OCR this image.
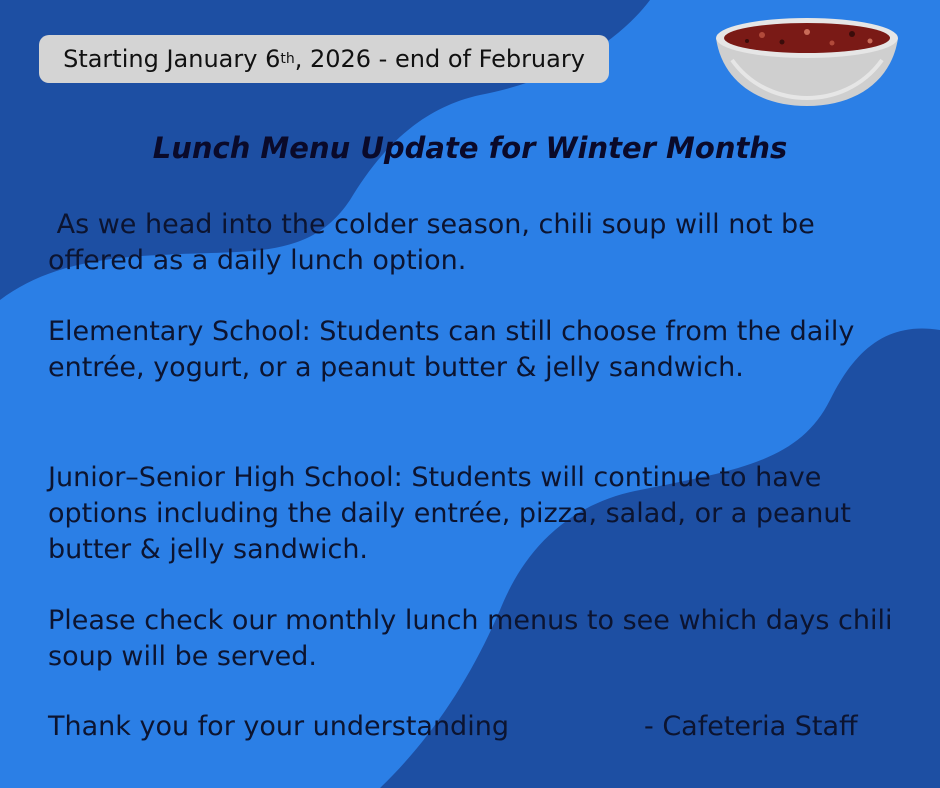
Starting January 6 th , 2026 - end of February
Lunch Menu Update for Winter Months
As we head into the colder season, chili soup will not be offered as a daily lunch option.
Elementary School: Students can still choose from the daily entrée, yogurt, or a peanut butter & jelly sandwich.
Junior–Senior High School: Students will continue to have options including the daily entrée, pizza, salad, or a peanut butter & jelly sandwich.
Please check our monthly lunch menus to see which days chili soup will be served.
Thank you for your understanding	- Cafeteria Staff
